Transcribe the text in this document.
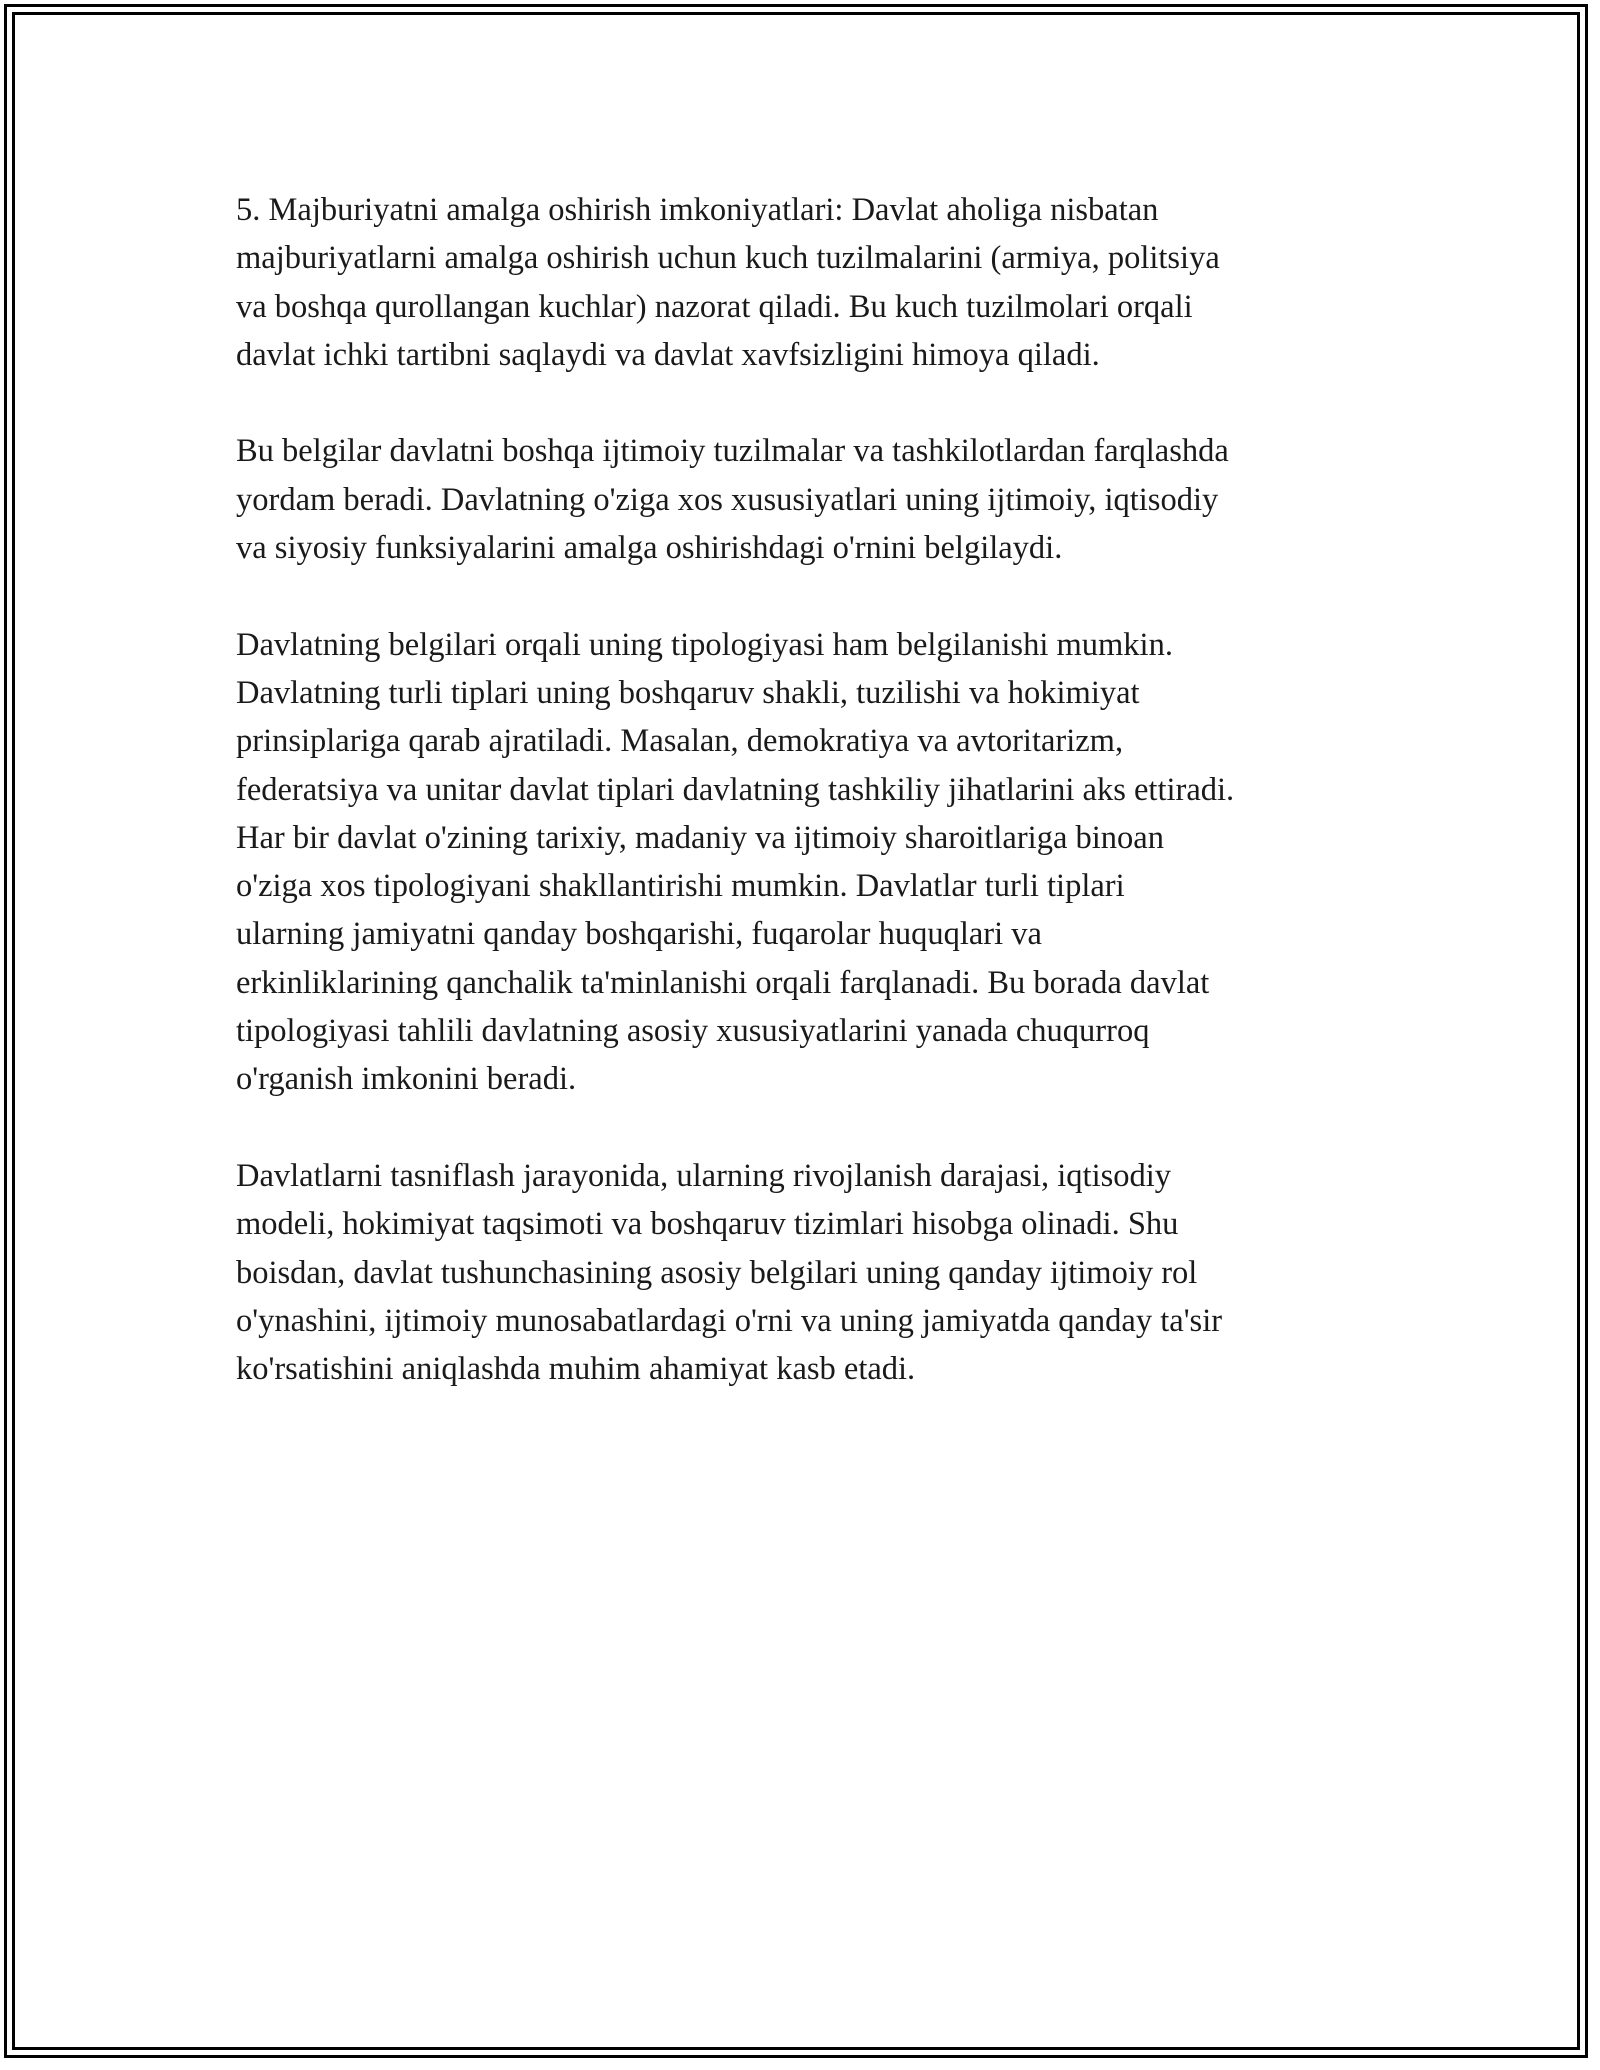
5. Majburiyatni amalga oshirish imkoniyatlari: Davlat aholiga nisbatan
majburiyatlarni amalga oshirish uchun kuch tuzilmalarini (armiya, politsiya
va boshqa qurollangan kuchlar) nazorat qiladi. Bu kuch tuzilmolari orqali
davlat ichki tartibni saqlaydi va davlat xavfsizligini himoya qiladi.

Bu belgilar davlatni boshqa ijtimoiy tuzilmalar va tashkilotlardan farqlashda
yordam beradi. Davlatning o'ziga xos xususiyatlari uning ijtimoiy, iqtisodiy
va siyosiy funksiyalarini amalga oshirishdagi o'rnini belgilaydi.

Davlatning belgilari orqali uning tipologiyasi ham belgilanishi mumkin.
Davlatning turli tiplari uning boshqaruv shakli, tuzilishi va hokimiyat
prinsiplariga qarab ajratiladi. Masalan, demokratiya va avtoritarizm,
federatsiya va unitar davlat tiplari davlatning tashkiliy jihatlarini aks ettiradi.
Har bir davlat o'zining tarixiy, madaniy va ijtimoiy sharoitlariga binoan
o'ziga xos tipologiyani shakllantirishi mumkin. Davlatlar turli tiplari
ularning jamiyatni qanday boshqarishi, fuqarolar huquqlari va
erkinliklarining qanchalik ta'minlanishi orqali farqlanadi. Bu borada davlat
tipologiyasi tahlili davlatning asosiy xususiyatlarini yanada chuqurroq
o'rganish imkonini beradi.

Davlatlarni tasniflash jarayonida, ularning rivojlanish darajasi, iqtisodiy
modeli, hokimiyat taqsimoti va boshqaruv tizimlari hisobga olinadi. Shu
boisdan, davlat tushunchasining asosiy belgilari uning qanday ijtimoiy rol
o'ynashini, ijtimoiy munosabatlardagi o'rni va uning jamiyatda qanday ta'sir
ko'rsatishini aniqlashda muhim ahamiyat kasb etadi.
